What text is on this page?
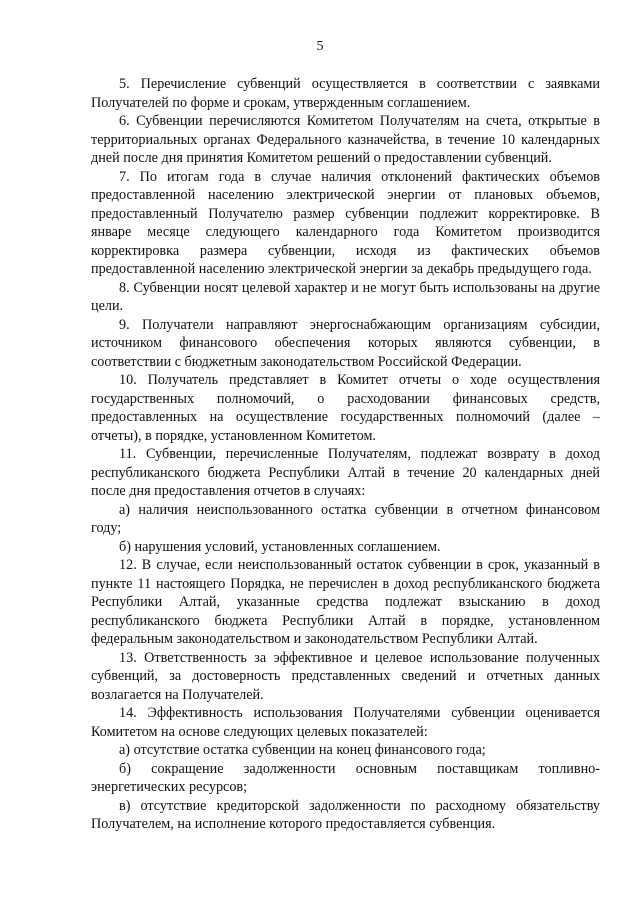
5

5. Перечисление субвенций осуществляется в соответствии с заявками Получателей по форме и срокам, утвержденным соглашением.

6. Субвенции перечисляются Комитетом Получателям на счета, открытые в территориальных органах Федерального казначейства, в течение 10 календарных дней после дня принятия Комитетом решений о предоставлении субвенций.

7. По итогам года в случае наличия отклонений фактических объемов предоставленной населению электрической энергии от плановых объемов, предоставленный Получателю размер субвенции подлежит корректировке. В январе месяце следующего календарного года Комитетом производится корректировка размера субвенции, исходя из фактических объемов предоставленной населению электрической энергии за декабрь предыдущего года.

8. Субвенции носят целевой характер и не могут быть использованы на другие цели.

9. Получатели направляют энергоснабжающим организациям субсидии, источником финансового обеспечения которых являются субвенции, в соответствии с бюджетным законодательством Российской Федерации.

10. Получатель представляет в Комитет отчеты о ходе осуществления государственных полномочий, о расходовании финансовых средств, предоставленных на осуществление государственных полномочий (далее – отчеты), в порядке, установленном Комитетом.

11. Субвенции, перечисленные Получателям, подлежат возврату в доход республиканского бюджета Республики Алтай в течение 20 календарных дней после дня предоставления отчетов в случаях:

а) наличия неиспользованного остатка субвенции в отчетном финансовом году;

б) нарушения условий, установленных соглашением.

12. В случае, если неиспользованный остаток субвенции в срок, указанный в пункте 11 настоящего Порядка, не перечислен в доход республиканского бюджета Республики Алтай, указанные средства подлежат взысканию в доход республиканского бюджета Республики Алтай в порядке, установленном федеральным законодательством и законодательством Республики Алтай.

13. Ответственность за эффективное и целевое использование полученных субвенций, за достоверность представленных сведений и отчетных данных возлагается на Получателей.

14. Эффективность использования Получателями субвенции оценивается Комитетом на основе следующих целевых показателей:

а) отсутствие остатка субвенции на конец финансового года;

б) сокращение задолженности основным поставщикам топливно-энергетических ресурсов;

в) отсутствие кредиторской задолженности по расходному обязательству Получателем, на исполнение которого предоставляется субвенция.
